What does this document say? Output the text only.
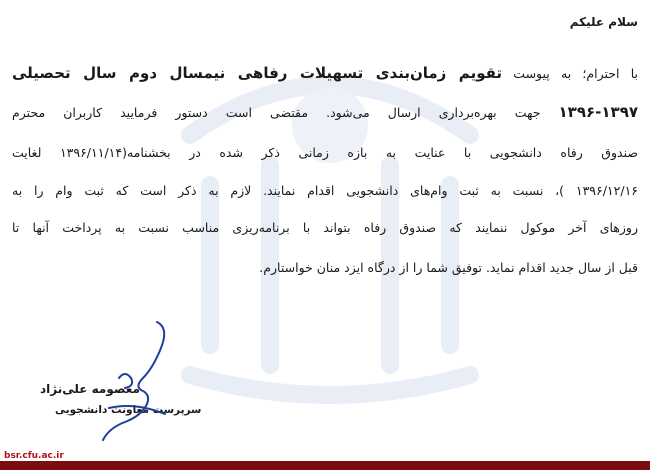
سلام علیکم
با احترام؛ به پیوست تقویم زمان‌بندی تسهیلات رفاهی نیمسال دوم سال تحصیلی
۱۳۹۶-۱۳۹۷ جهت بهره‌برداری ارسال می‌شود. مقتضی است دستور فرمایید کاربران محترم
صندوق رفاه دانشجویی با عنایت به بازه زمانی ذکر شده در بخشنامه(۱۳۹۶/۱۱/۱۴ لغایت
۱۳۹۶/۱۲/۱۶ )، نسبت به ثبت وام‌های دانشجویی اقدام نمایند. لازم به ذکر است که ثبت وام را به
روزهای آخر موکول ننمایند که صندوق رفاه بتواند با برنامه‌ریزی مناسب نسبت به پرداخت آنها تا
قبل از سال جدید اقدام نماید. توفیق شما را از درگاه ایزد منان خواستارم.
معصومه علی‌نژاد
سرپرست معاونت دانشجویی
bsr.cfu.ac.ir
